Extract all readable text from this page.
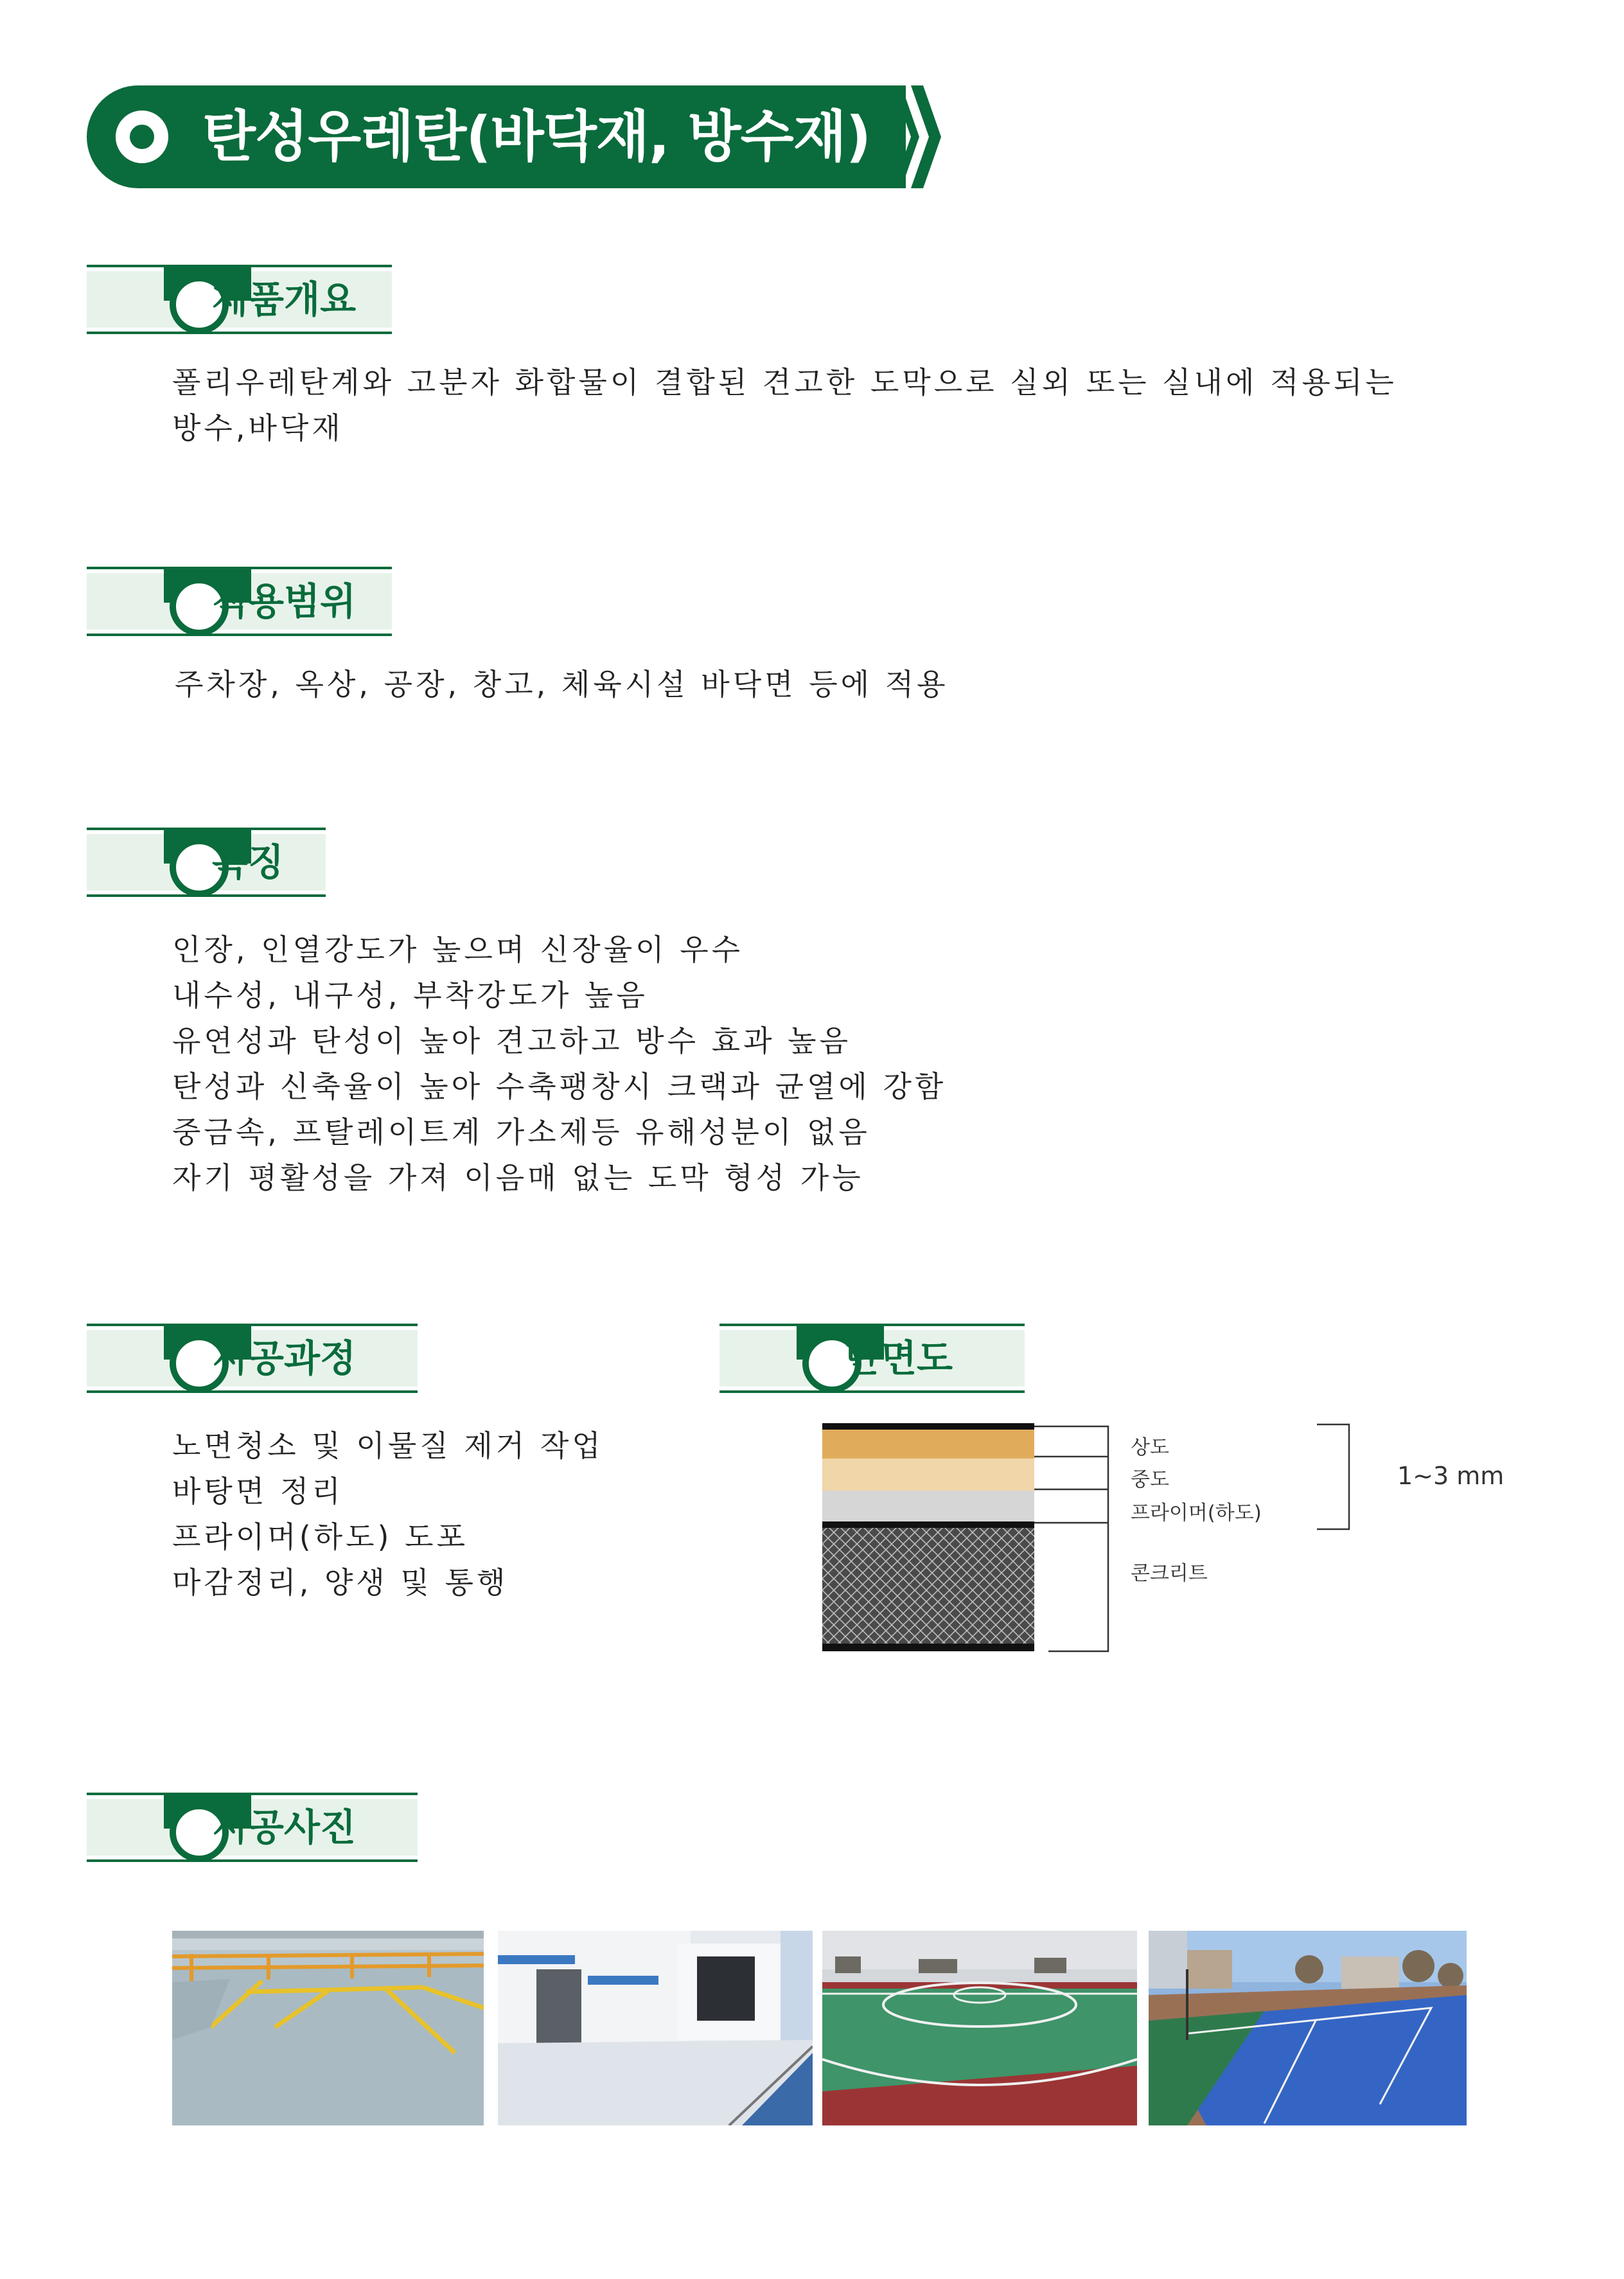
탄성우레탄(바닥재, 방수재)
제품개요
폴리우레탄계와 고분자 화합물이 결합된 견고한 도막으로 실외 또는 실내에 적용되는
방수,바닥재
적용범위
주차장, 옥상, 공장, 창고, 체육시설 바닥면 등에 적용
특징
인장, 인열강도가 높으며 신장율이 우수
내수성, 내구성, 부착강도가 높음
유연성과 탄성이 높아 견고하고 방수 효과 높음
탄성과 신축율이 높아 수축팽창시 크랙과 균열에 강함
중금속, 프탈레이트계 가소제등 유해성분이 없음
자기 평활성을 가져 이음매 없는 도막 형성 가능
시공과정
노면청소 및 이물질 제거 작업
바탕면 정리
프라이머(하도) 도포
마감정리, 양생 및 통행
단면도
상도
중도
프라이머(하도)
콘크리트
1~3 mm
시공사진
